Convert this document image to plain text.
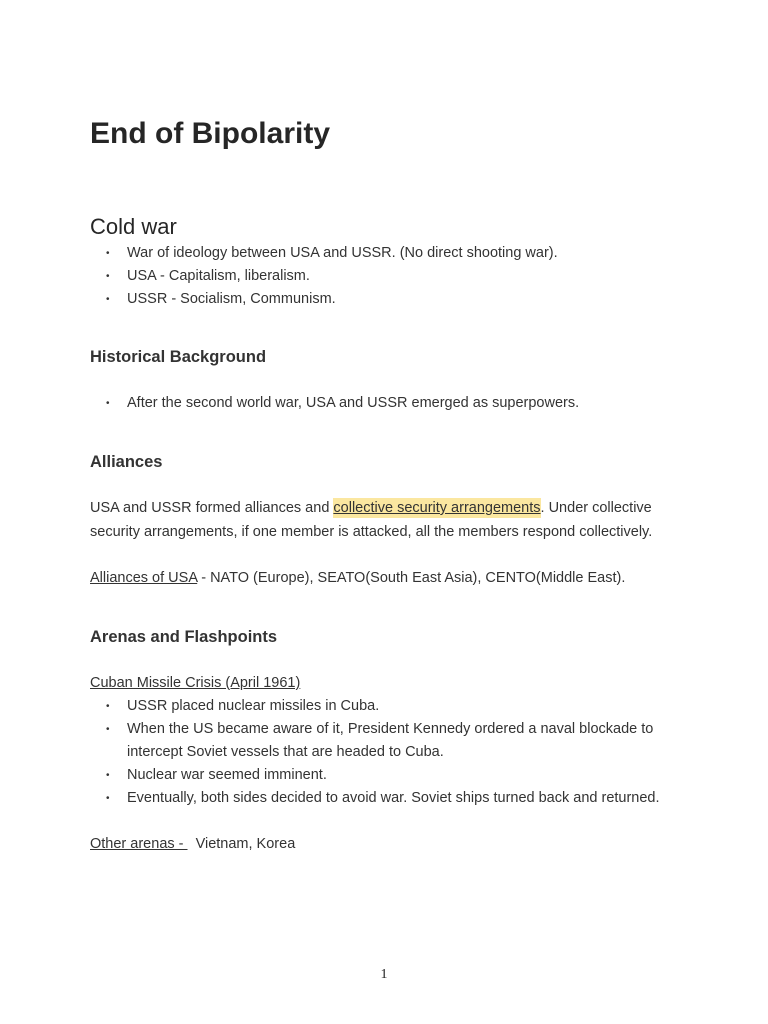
End of Bipolarity
Cold war
• War of ideology between USA and USSR. (No direct shooting war).
• USA - Capitalism, liberalism.
• USSR - Socialism, Communism.
Historical Background
• After the second world war, USA and USSR emerged as superpowers.
Alliances

USA and USSR formed alliances and collective security arrangements. Under collective security arrangements, if one member is attacked, all the members respond collectively.

Alliances of USA - NATO (Europe), SEATO(South East Asia), CENTO(Middle East).

Arenas and Flashpoints

Cuban Missile Crisis (April 1961)

• USSR placed nuclear missiles in Cuba.
• When the US became aware of it, President Kennedy ordered a naval blockade to intercept Soviet vessels that are headed to Cuba.
• Nuclear war seemed imminent.
• Eventually, both sides decided to avoid war. Soviet ships turned back and returned.

Other arenas -   Vietnam, Korea

1
